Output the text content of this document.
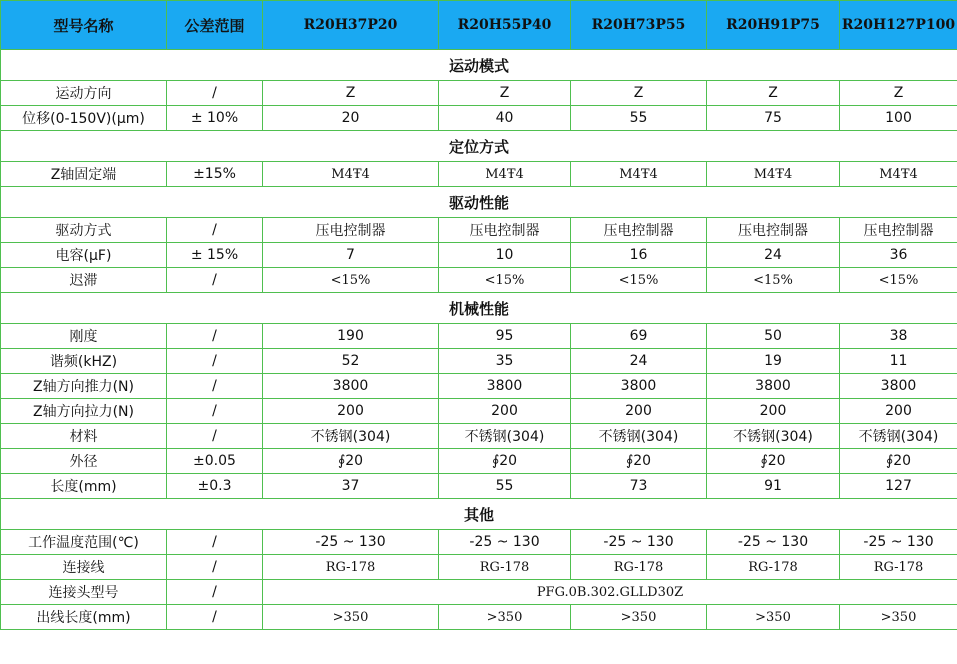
型号名称	公差范围	R20H37P20	R20H55P40	R20H73P55	R20H91P75	R20H127P100
运动模式						
运动方向	/	Z	Z	Z	Z	Z
位移(0-150V)(μm)	± 10%	20	40	55	75	100
定位方式						
Z轴固定端	±15%	M4Ŧ4	M4Ŧ4	M4Ŧ4	M4Ŧ4	M4Ŧ4
驱动性能						
驱动方式	/	压电控制器	压电控制器	压电控制器	压电控制器	压电控制器
电容(μF)	± 15%	7	10	16	24	36
迟滞	/	<15%	<15%	<15%	<15%	<15%
机械性能						
刚度	/	190	95	69	50	38
谐频(kHZ)	/	52	35	24	19	11
Z轴方向推力(N)	/	3800	3800	3800	3800	3800
Z轴方向拉力(N)	/	200	200	200	200	200
材料	/	不锈钢(304)	不锈钢(304)	不锈钢(304)	不锈钢(304)	不锈钢(304)
外径	±0.05	∮20	∮20	∮20	∮20	∮20
长度(mm)	±0.3	37	55	73	91	127
其他						
工作温度范围(℃)	/	-25 ~ 130	-25 ~ 130	-25 ~ 130	-25 ~ 130	-25 ~ 130
连接线	/	RG-178	RG-178	RG-178	RG-178	RG-178
连接头型号	/	PFG.0B.302.GLLD30Z				
出线长度(mm)	/	>350	>350	>350	>350	>350
